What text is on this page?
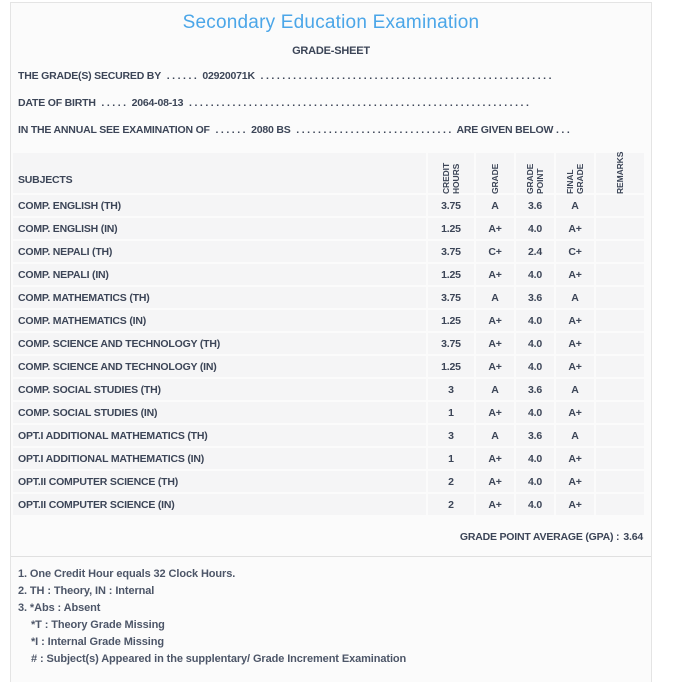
Secondary Education Examination
GRADE-SHEET
THE GRADE(S) SECURED BY . . . . . . 02920071K . . . . . . . . . . . . . . . . . . . . . . . . . . . . . . . . . . . . . . . . . . . . . . . . . . . . . .
DATE OF BIRTH . . . . . 2064-08-13 . . . . . . . . . . . . . . . . . . . . . . . . . . . . . . . . . . . . . . . . . . . . . . . . . . . . . . . . . . . . . . .
IN THE ANNUAL SEE EXAMINATION OF . . . . . . 2080 BS . . . . . . . . . . . . . . . . . . . . . . . . . . . . . ARE GIVEN BELOW . . .
SUBJECTS	CREDIT HOURS	GRADE	GRADE POINT	FINAL GRADE	REMARKS

COMP. ENGLISH (TH)	3.75	A	3.6	A	
COMP. ENGLISH (IN)	1.25	A+	4.0	A+	
COMP. NEPALI (TH)	3.75	C+	2.4	C+	
COMP. NEPALI (IN)	1.25	A+	4.0	A+	
COMP. MATHEMATICS (TH)	3.75	A	3.6	A	
COMP. MATHEMATICS (IN)	1.25	A+	4.0	A+	
COMP. SCIENCE AND TECHNOLOGY (TH)	3.75	A+	4.0	A+	
COMP. SCIENCE AND TECHNOLOGY (IN)	1.25	A+	4.0	A+	
COMP. SOCIAL STUDIES (TH)	3	A	3.6	A	
COMP. SOCIAL STUDIES (IN)	1	A+	4.0	A+	
OPT.I ADDITIONAL MATHEMATICS (TH)	3	A	3.6	A	
OPT.I ADDITIONAL MATHEMATICS (IN)	1	A+	4.0	A+	
OPT.II COMPUTER SCIENCE (TH)	2	A+	4.0	A+	
OPT.II COMPUTER SCIENCE (IN)	2	A+	4.0	A+	
GRADE POINT AVERAGE (GPA) : 3.64
1. One Credit Hour equals 32 Clock Hours.
2. TH : Theory, IN : Internal
3. *Abs : Absent
*T : Theory Grade Missing
*I : Internal Grade Missing
# : Subject(s) Appeared in the supplentary/ Grade Increment Examination
